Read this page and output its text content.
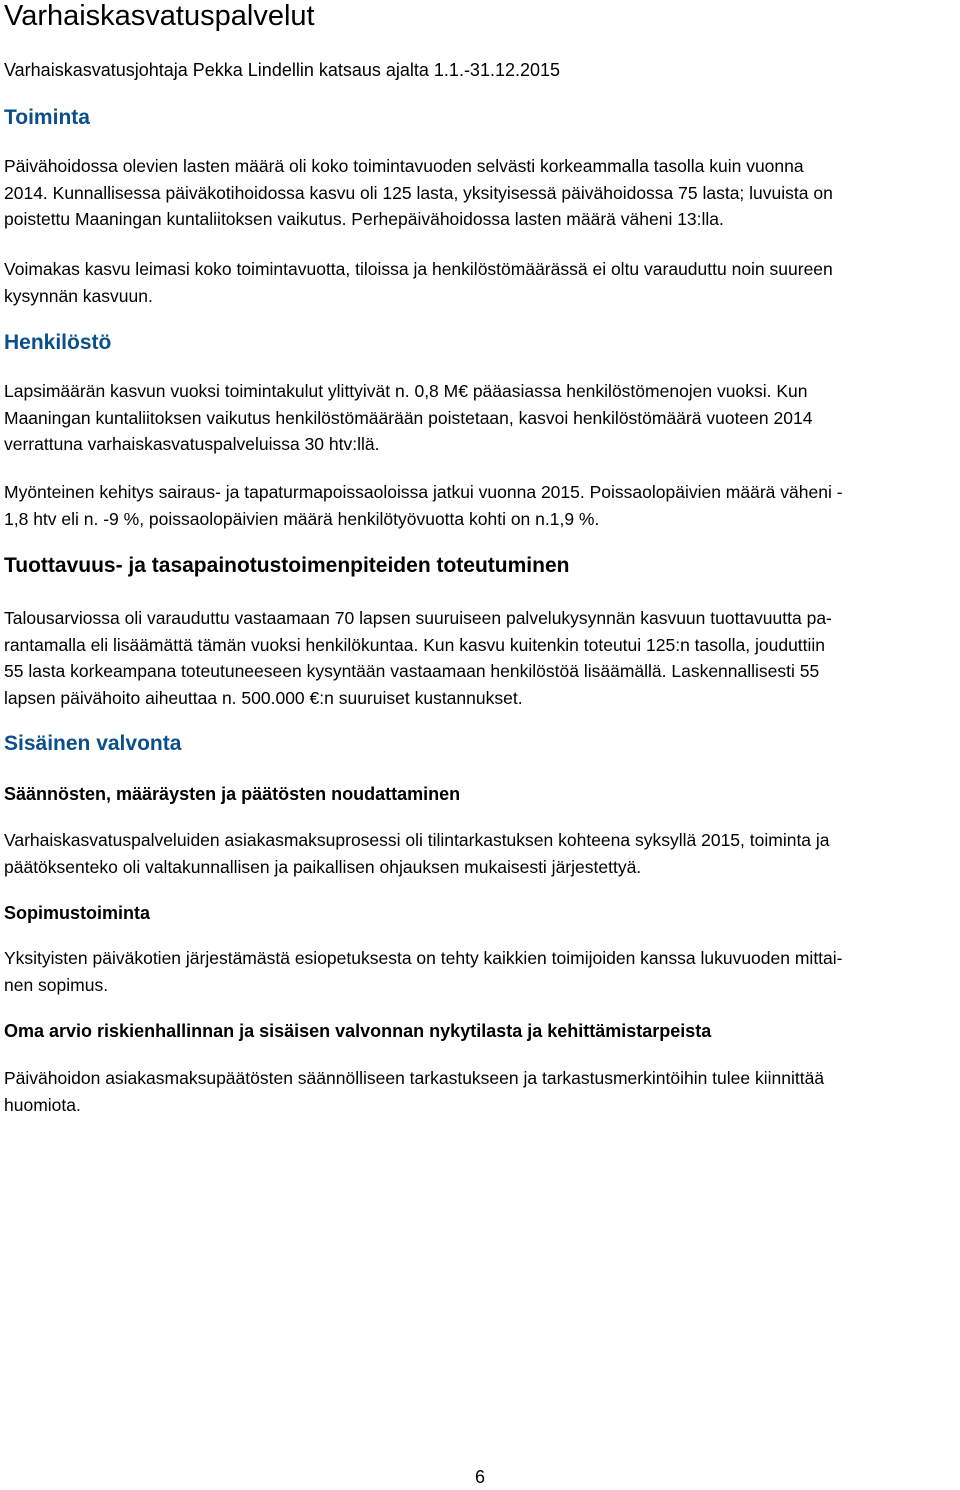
Varhaiskasvatuspalvelut

Varhaiskasvatusjohtaja Pekka Lindellin katsaus ajalta 1.1.-31.12.2015

Toiminta

Päivähoidossa olevien lasten määrä oli koko toimintavuoden selvästi korkeammalla tasolla kuin vuonna
2014. Kunnallisessa päiväkotihoidossa kasvu oli 125 lasta, yksityisessä päivähoidossa 75 lasta; luvuista on
poistettu Maaningan kuntaliitoksen vaikutus. Perhepäivähoidossa lasten määrä väheni 13:lla.

Voimakas kasvu leimasi koko toimintavuotta, tiloissa ja henkilöstömäärässä ei oltu varauduttu noin suureen
kysynnän kasvuun.

Henkilöstö

Lapsimäärän kasvun vuoksi toimintakulut ylittyivät n. 0,8 M€ pääasiassa henkilöstömenojen vuoksi. Kun
Maaningan kuntaliitoksen vaikutus henkilöstömäärään poistetaan, kasvoi henkilöstömäärä vuoteen 2014
verrattuna varhaiskasvatuspalveluissa 30 htv:llä.

Myönteinen kehitys sairaus- ja tapaturmapoissaoloissa jatkui vuonna 2015. Poissaolopäivien määrä väheni -
1,8 htv eli n. -9 %, poissaolopäivien määrä henkilötyövuotta kohti on n.1,9 %.

Tuottavuus- ja tasapainotustoimenpiteiden toteutuminen

Talousarviossa oli varauduttu vastaamaan 70 lapsen suuruiseen palvelukysynnän kasvuun tuottavuutta pa-
rantamalla eli lisäämättä tämän vuoksi henkilökuntaa. Kun kasvu kuitenkin toteutui 125:n tasolla, jouduttiin
55 lasta korkeampana toteutuneeseen kysyntään vastaamaan henkilöstöä lisäämällä. Laskennallisesti 55
lapsen päivähoito aiheuttaa n. 500.000 €:n suuruiset kustannukset.

Sisäinen valvonta
Säännösten, määräysten ja päätösten noudattaminen

Varhaiskasvatuspalveluiden asiakasmaksuprosessi oli tilintarkastuksen kohteena syksyllä 2015, toiminta ja
päätöksenteko oli valtakunnallisen ja paikallisen ohjauksen mukaisesti järjestettyä.

Sopimustoiminta

Yksityisten päiväkotien järjestämästä esiopetuksesta on tehty kaikkien toimijoiden kanssa lukuvuoden mittai-
nen sopimus.

Oma arvio riskienhallinnan ja sisäisen valvonnan nykytilasta ja kehittämistarpeista

Päivähoidon asiakasmaksupäätösten säännölliseen tarkastukseen ja tarkastusmerkintöihin tulee kiinnittää
huomiota.

6
